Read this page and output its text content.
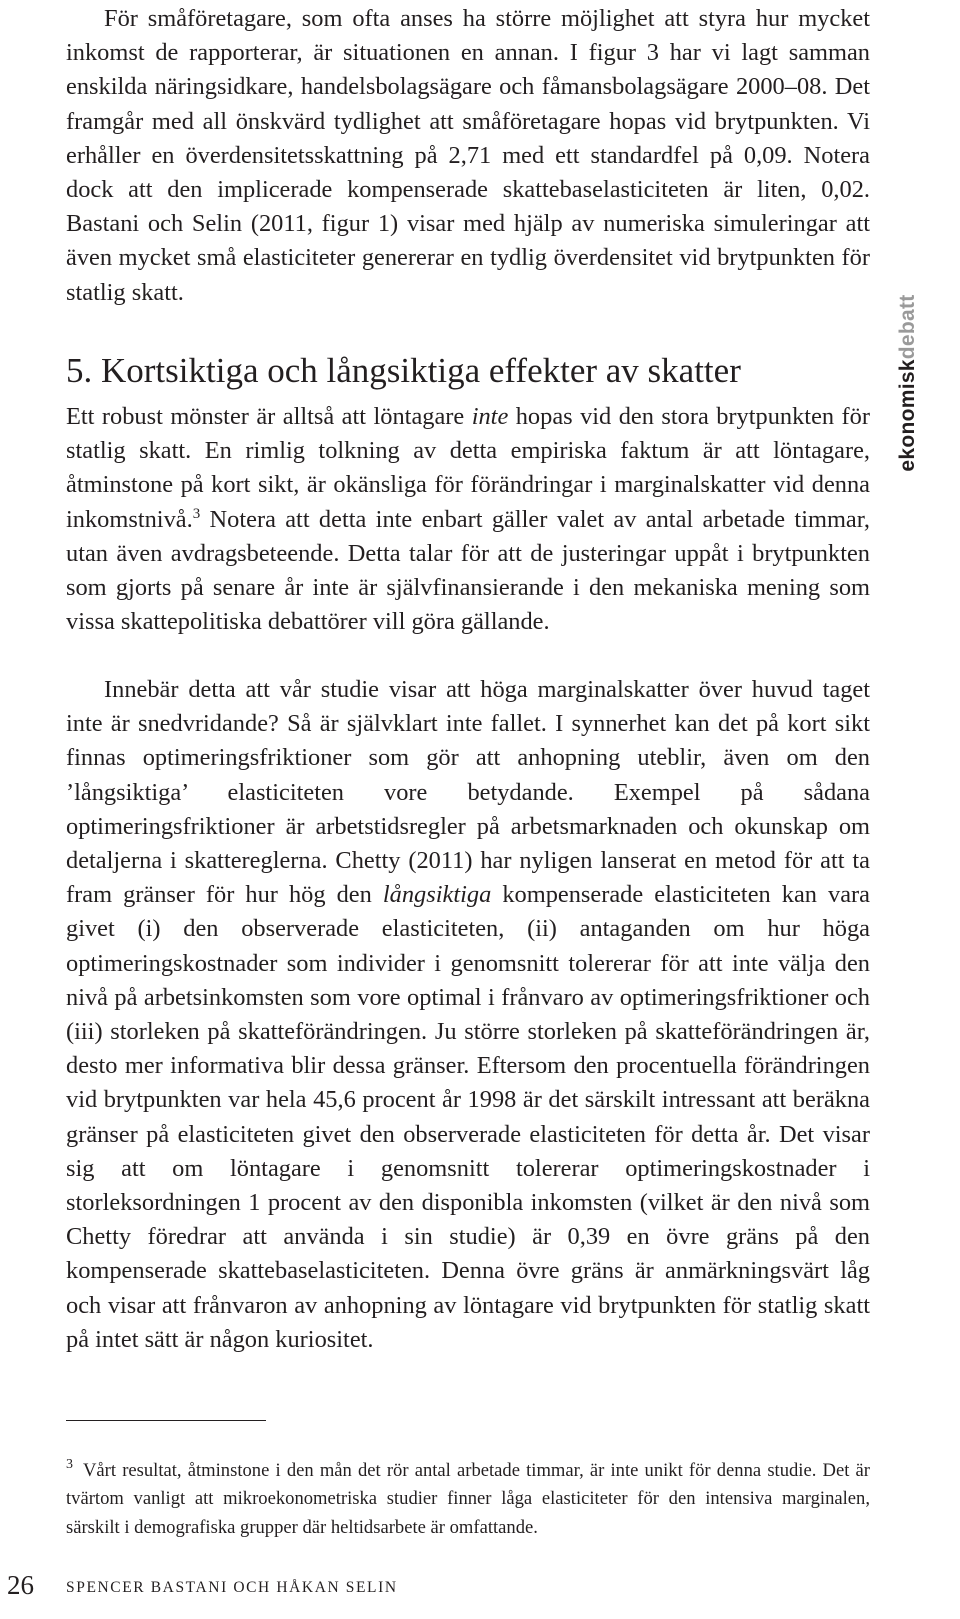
För småföretagare, som ofta anses ha större möjlighet att styra hur mycket inkomst de rapporterar, är situationen en annan. I figur 3 har vi lagt samman enskilda näringsidkare, handelsbolagsägare och fåmansbolagsägare 2000–08. Det framgår med all önskvärd tydlighet att småföretagare hopas vid brytpunkten. Vi erhåller en överdensitetsskattning på 2,71 med ett standardfel på 0,09. Notera dock att den implicerade kompenserade skattebaselasticiteten är liten, 0,02. Bastani och Selin (2011, figur 1) visar med hjälp av numeriska simuleringar att även mycket små elasticiteter genererar en tydlig överdensitet vid brytpunkten för statlig skatt.
5. Kortsiktiga och långsiktiga effekter av skatter

Ett robust mönster är alltså att löntagare inte hopas vid den stora brytpunkten för statlig skatt. En rimlig tolkning av detta empiriska faktum är att löntagare, åtminstone på kort sikt, är okänsliga för förändringar i marginalskatter vid denna inkomstnivå.$^3$ Notera att detta inte enbart gäller valet av antal arbetade timmar, utan även avdragsbeteende. Detta talar för att de justeringar uppåt i brytpunkten som gjorts på senare år inte är självfinansierande i den mekaniska mening som vissa skattepolitiska debattörer vill göra gällande.

Innebär detta att vår studie visar att höga marginalskatter över huvud taget inte är snedvridande? Så är självklart inte fallet. I synnerhet kan det på kort sikt finnas optimeringsfriktioner som gör att anhopning uteblir, även om den ’långsiktiga’ elasticiteten vore betydande. Exempel på sådana optimeringsfriktioner är arbetstidsregler på arbetsmarknaden och okunskap om detaljerna i skattereglerna. Chetty (2011) har nyligen lanserat en metod för att ta fram gränser för hur hög den långsiktiga kompenserade elasticiteten kan vara givet (i) den observerade elasticiteten, (ii) antaganden om hur höga optimeringskostnader som individer i genomsnitt tolererar för att inte välja den nivå på arbetsinkomsten som vore optimal i frånvaro av optimeringsfriktioner och (iii) storleken på skatteförändringen. Ju större storleken på skatteförändringen är, desto mer informativa blir dessa gränser. Eftersom den procentuella förändringen vid brytpunkten var hela 45,6 procent år 1998 är det särskilt intressant att beräkna gränser på elasticiteten givet den observerade elasticiteten för detta år. Det visar sig att om löntagare i genomsnitt tolererar optimeringskostnader i storleksordningen 1 procent av den disponibla inkomsten (vilket är den nivå som Chetty föredrar att använda i sin studie) är 0,39 en övre gräns på den kompenserade skattebaselasticiteten. Denna övre gräns är anmärkningsvärt låg och visar att frånvaron av anhopning av löntagare vid brytpunkten för statlig skatt på intet sätt är någon kuriositet.

$^3$ Vårt resultat, åtminstone i den mån det rör antal arbetade timmar, är inte unikt för denna studie. Det är tvärtom vanligt att mikroekonometriska studier finner låga elasticiteter för den intensiva marginalen, särskilt i demografiska grupper där heltidsarbete är omfattande.

26 SPENCER BASTANI OCH HÅKAN SELIN
ekonomiskdebatt
